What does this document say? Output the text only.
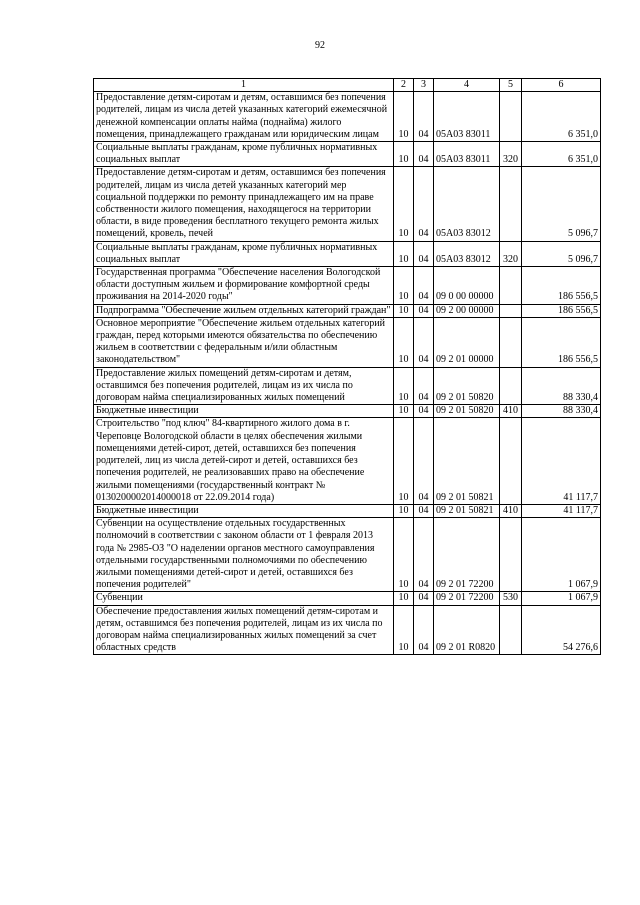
92
1	2	3	4	5	6
Предоставление детям-сиротам и детям, оставшимся без попечения родителей, лицам из числа детей указанных категорий ежемесячной денежной компенсации оплаты найма (поднайма) жилого помещения, принадлежащего гражданам или юридическим лицам	10	04	05А03 83011		6 351,0
Социальные выплаты гражданам, кроме публичных нормативных социальных выплат	10	04	05А03 83011	320	6 351,0
Предоставление детям-сиротам и детям, оставшимся без попечения родителей, лицам из числа детей указанных категорий мер социальной поддержки по ремонту принадлежащего им на праве собственности жилого помещения, находящегося на территории области, в виде проведения бесплатного текущего ремонта жилых помещений, кровель, печей	10	04	05А03 83012		5 096,7
Социальные выплаты гражданам, кроме публичных нормативных социальных выплат	10	04	05А03 83012	320	5 096,7
Государственная программа "Обеспечение населения Вологодской области доступным жильем и формирование комфортной среды проживания на 2014-2020 годы"	10	04	09 0 00 00000		186 556,5
Подпрограмма "Обеспечение жильем отдельных категорий граждан"	10	04	09 2 00 00000		186 556,5
Основное мероприятие "Обеспечение жильем отдельных категорий граждан, перед которыми имеются обязательства по обеспечению жильем в соответствии с федеральным и/или областным законодательством"	10	04	09 2 01 00000		186 556,5
Предоставление жилых помещений детям-сиротам и детям, оставшимся без попечения родителей, лицам из их числа по договорам найма специализированных жилых помещений	10	04	09 2 01 50820		88 330,4
Бюджетные инвестиции	10	04	09 2 01 50820	410	88 330,4
Строительство "под ключ" 84-квартирного жилого дома в г. Череповце Вологодской области в целях обеспечения жилыми помещениями детей-сирот, детей, оставшихся без попечения родителей, лиц из числа детей-сирот и детей, оставшихся без попечения родителей, не реализовавших право на обеспечение жилыми помещениями (государственный контракт № 0130200002014000018 от 22.09.2014 года)	10	04	09 2 01 50821		41 117,7
Бюджетные инвестиции	10	04	09 2 01 50821	410	41 117,7
Субвенции на осуществление отдельных государственных полномочий в соответствии с законом области от 1 февраля 2013 года № 2985-ОЗ "О наделении органов местного самоуправления отдельными государственными полномочиями по обеспечению жилыми помещениями детей-сирот и детей, оставшихся без попечения родителей"	10	04	09 2 01 72200		1 067,9
Субвенции	10	04	09 2 01 72200	530	1 067,9
Обеспечение предоставления жилых помещений детям-сиротам и детям, оставшимся без попечения родителей, лицам из их числа по договорам найма специализированных жилых помещений за счет областных средств	10	04	09 2 01 R0820		54 276,6
